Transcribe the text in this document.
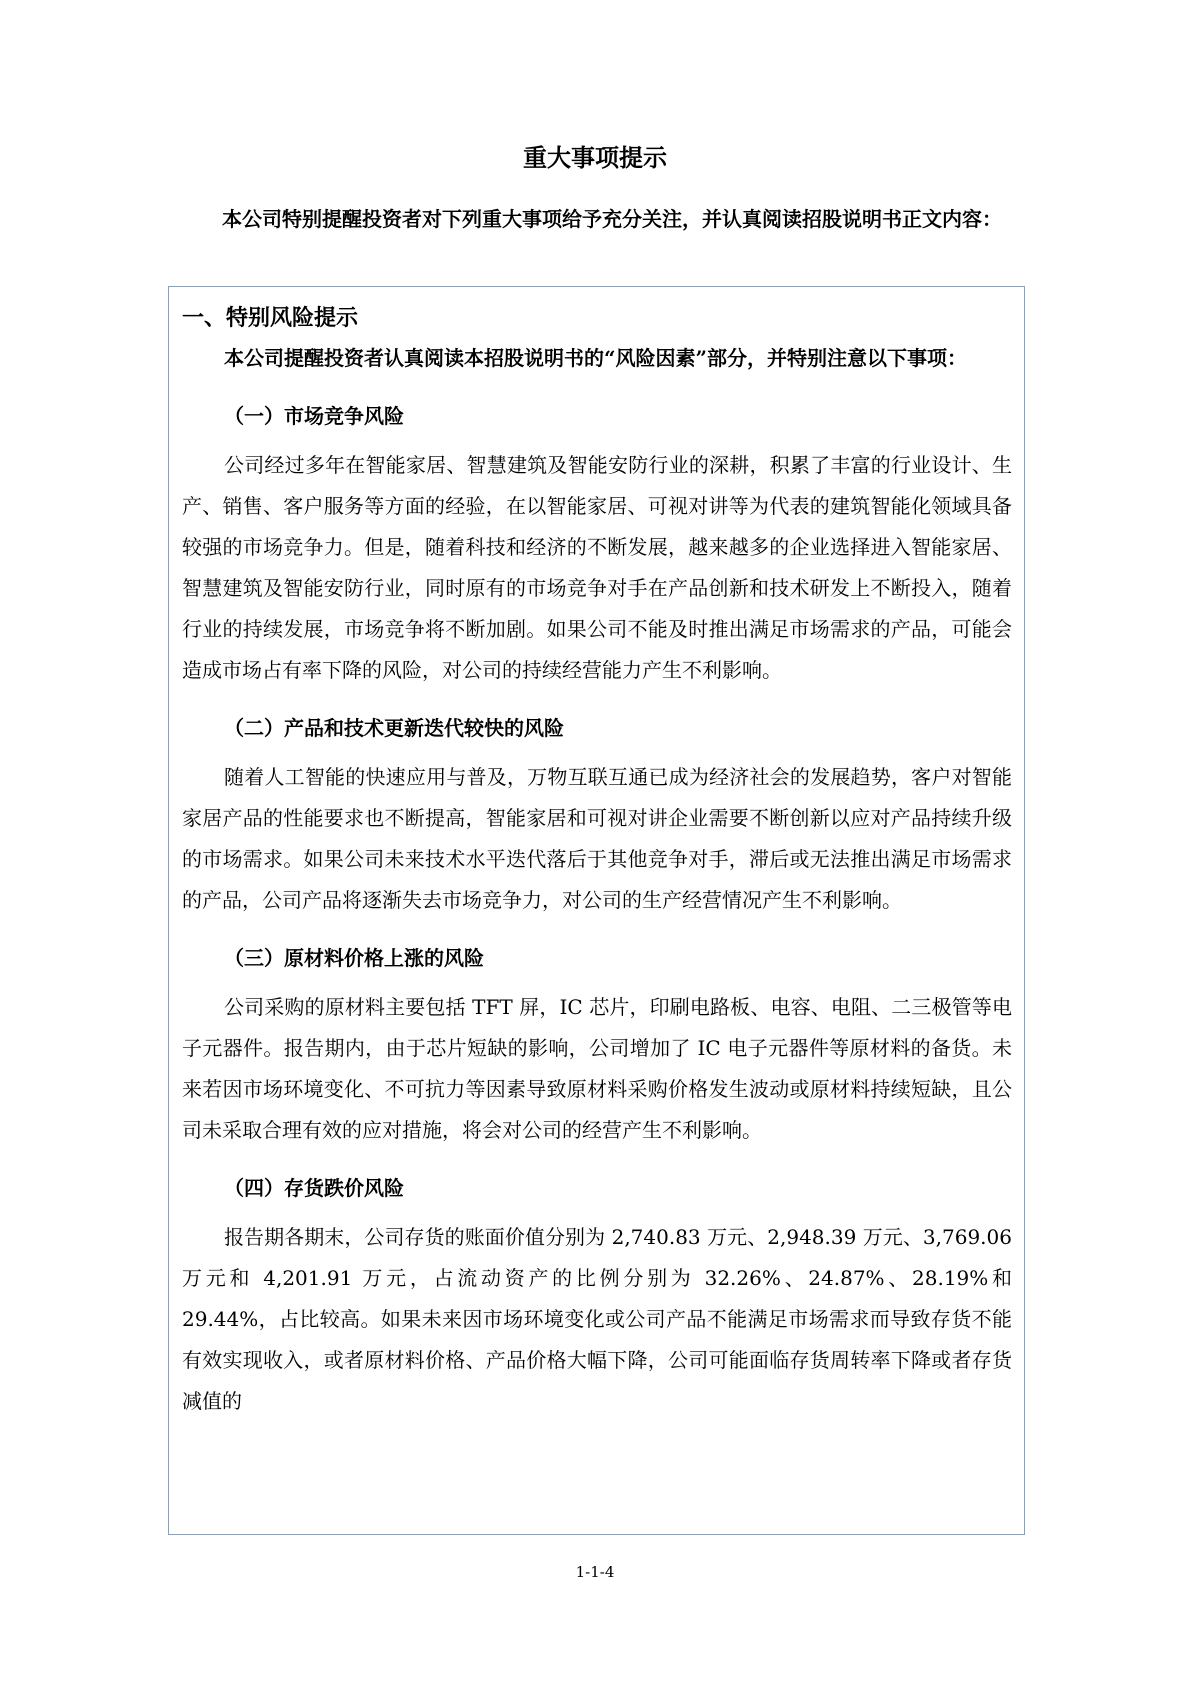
重大事项提示

本公司特别提醒投资者对下列重大事项给予充分关注，并认真阅读招股说明书正文内容：

一、特别风险提示

本公司提醒投资者认真阅读本招股说明书的“风险因素”部分，并特别注意以下事项：

（一）市场竞争风险

公司经过多年在智能家居、智慧建筑及智能安防行业的深耕，积累了丰富的行业设计、生产、销售、客户服务等方面的经验，在以智能家居、可视对讲等为代表的建筑智能化领域具备较强的市场竞争力。但是，随着科技和经济的不断发展，越来越多的企业选择进入智能家居、智慧建筑及智能安防行业，同时原有的市场竞争对手在产品创新和技术研发上不断投入，随着行业的持续发展，市场竞争将不断加剧。如果公司不能及时推出满足市场需求的产品，可能会造成市场占有率下降的风险，对公司的持续经营能力产生不利影响。

（二）产品和技术更新迭代较快的风险

随着人工智能的快速应用与普及，万物互联互通已成为经济社会的发展趋势，客户对智能家居产品的性能要求也不断提高，智能家居和可视对讲企业需要不断创新以应对产品持续升级的市场需求。如果公司未来技术水平迭代落后于其他竞争对手，滞后或无法推出满足市场需求的产品，公司产品将逐渐失去市场竞争力，对公司的生产经营情况产生不利影响。

（三）原材料价格上涨的风险

公司采购的原材料主要包括 TFT 屏，IC 芯片，印刷电路板、电容、电阻、二三极管等电子元器件。报告期内，由于芯片短缺的影响，公司增加了 IC 电子元器件等原材料的备货。未来若因市场环境变化、不可抗力等因素导致原材料采购价格发生波动或原材料持续短缺，且公司未采取合理有效的应对措施，将会对公司的经营产生不利影响。

（四）存货跌价风险

报告期各期末，公司存货的账面价值分别为 2,740.83 万元、2,948.39 万元、3,769.06 万元和 4,201.91 万元，占流动资产的比例分别为 32.26%、24.87%、28.19%和 29.44%，占比较高。如果未来因市场环境变化或公司产品不能满足市场需求而导致存货不能有效实现收入，或者原材料价格、产品价格大幅下降，公司可能面临存货周转率下降或者存货减值的

1-1-4
